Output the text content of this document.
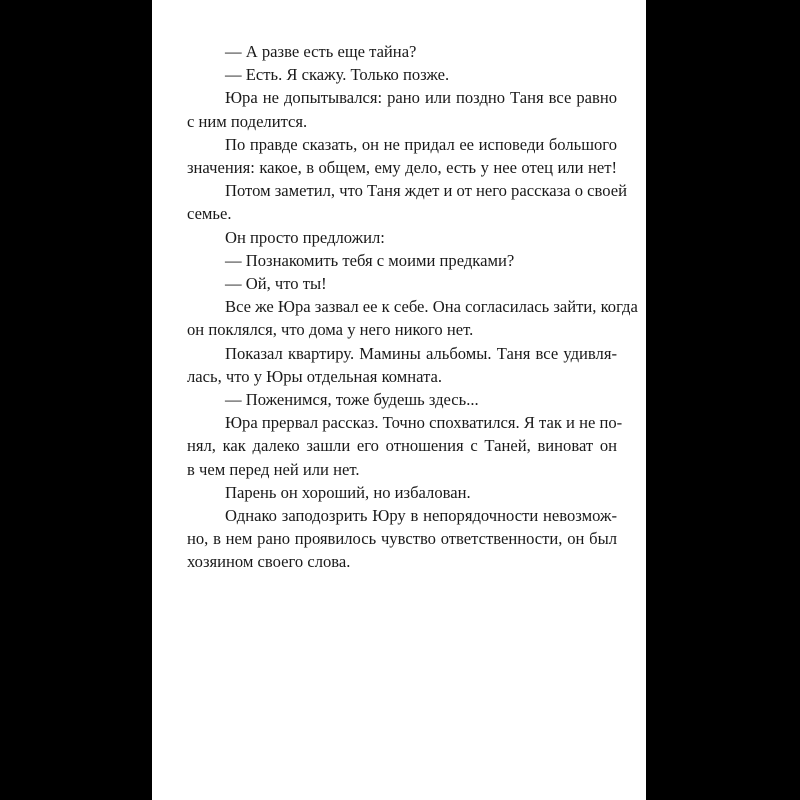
— А разве есть еще тайна?
— Есть. Я скажу. Только позже.
Юра не допытывался: рано или поздно Таня все равно
с ним поделится.
По правде сказать, он не придал ее исповеди большого
значения: какое, в общем, ему дело, есть у нее отец или нет!
Потом заметил, что Таня ждет и от него рассказа о своей
семье.
Он просто предложил:
— Познакомить тебя с моими предками?
— Ой, что ты!
Все же Юра зазвал ее к себе. Она согласилась зайти, когда
он поклялся, что дома у него никого нет.
Показал квартиру. Мамины альбомы. Таня все удивля-
лась, что у Юры отдельная комната.
— Поженимся, тоже будешь здесь...
Юра прервал рассказ. Точно спохватился. Я так и не по-
нял, как далеко зашли его отношения с Таней, виноват он
в чем перед ней или нет.
Парень он хороший, но избалован.
Однако заподозрить Юру в непорядочности невозмож-
но, в нем рано проявилось чувство ответственности, он был
хозяином своего слова.
